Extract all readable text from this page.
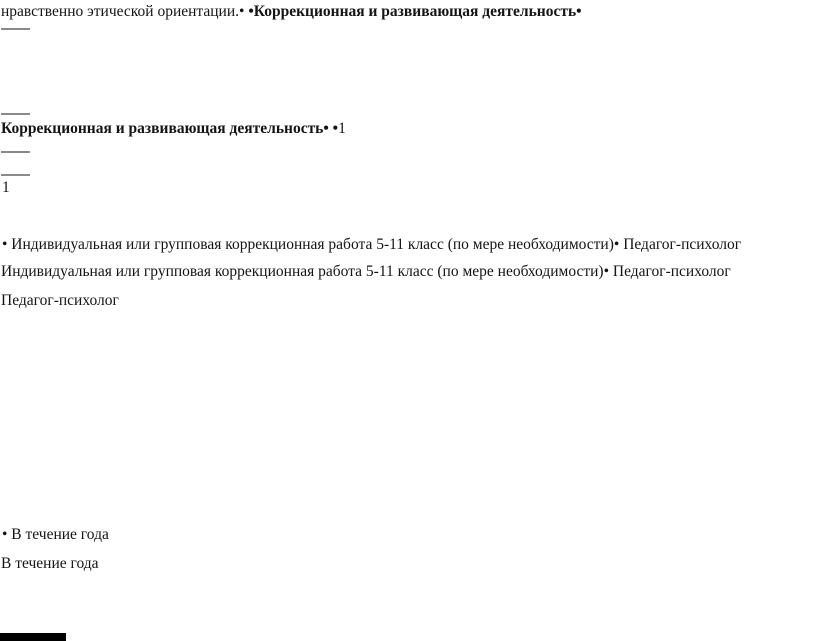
нравственно этической ориентации.• •Коррекционная и развивающая деятельность•
Коррекционная и развивающая деятельность• •1
1
• Индивидуальная или групповая коррекционная работа 5-11 класс (по мере необходимости)• Педагог-психолог
Индивидуальная или групповая коррекционная работа 5-11 класс (по мере необходимости)• Педагог-психолог
Педагог-психолог
• В течение года
В течение года
